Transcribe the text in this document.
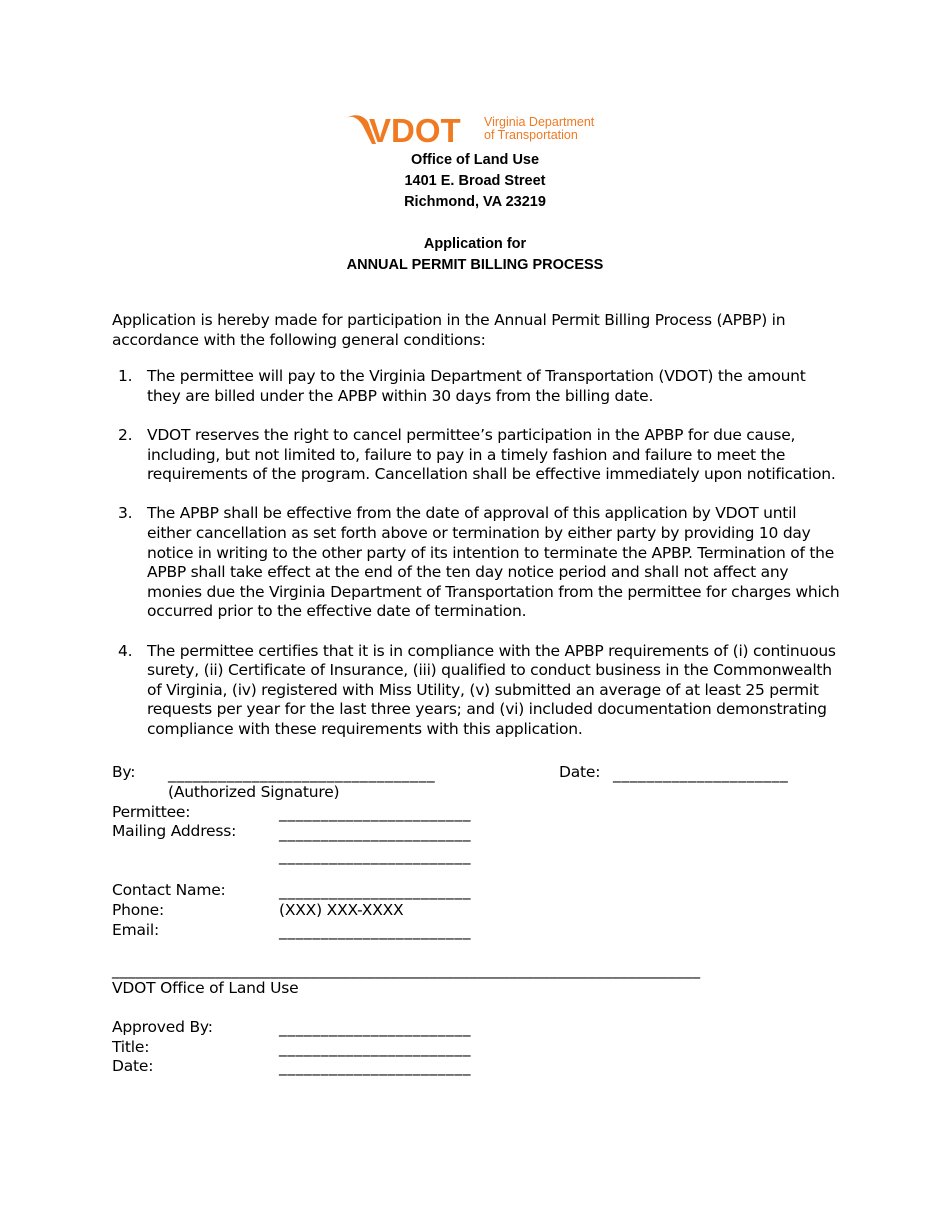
VDOT Virginia Department
of Transportation
Office of Land Use
1401 E. Broad Street
Richmond, VA 23219
Application for
ANNUAL PERMIT BILLING PROCESS

Application is hereby made for participation in the Annual Permit Billing Process (APBP) in accordance with the following general conditions:

1. The permittee will pay to the Virginia Department of Transportation (VDOT) the amount they are billed under the APBP within 30 days from the billing date.
2. VDOT reserves the right to cancel permittee’s participation in the APBP for due cause, including, but not limited to, failure to pay in a timely fashion and failure to meet the requirements of the program. Cancellation shall be effective immediately upon notification.
3. The APBP shall be effective from the date of approval of this application by VDOT until either cancellation as set forth above or termination by either party by providing 10 day notice in writing to the other party of its intention to terminate the APBP. Termination of the APBP shall take effect at the end of the ten day notice period and shall not affect any monies due the Virginia Department of Transportation from the permittee for charges which occurred prior to the effective date of termination.
4. The permittee certifies that it is in compliance with the APBP requirements of (i) continuous surety, (ii) Certificate of Insurance, (iii) qualified to conduct business in the Commonwealth of Virginia, (iv) registered with Miss Utility, (v) submitted an average of at least 25 permit requests per year for the last three years; and (vi) included documentation demonstrating compliance with these requirements with this application.
By: ________________________________	Date: _____________________
(Authorized Signature)
Permittee:	_______________________
Mailing Address:	_______________________
_______________________
Contact Name:	_______________________
Phone:	(XXX) XXX-XXXX
Email:	_______________________
__________________________________________________________________________
VDOT Office of Land Use
Approved By:	_______________________
Title:	_______________________
Date:	_______________________
